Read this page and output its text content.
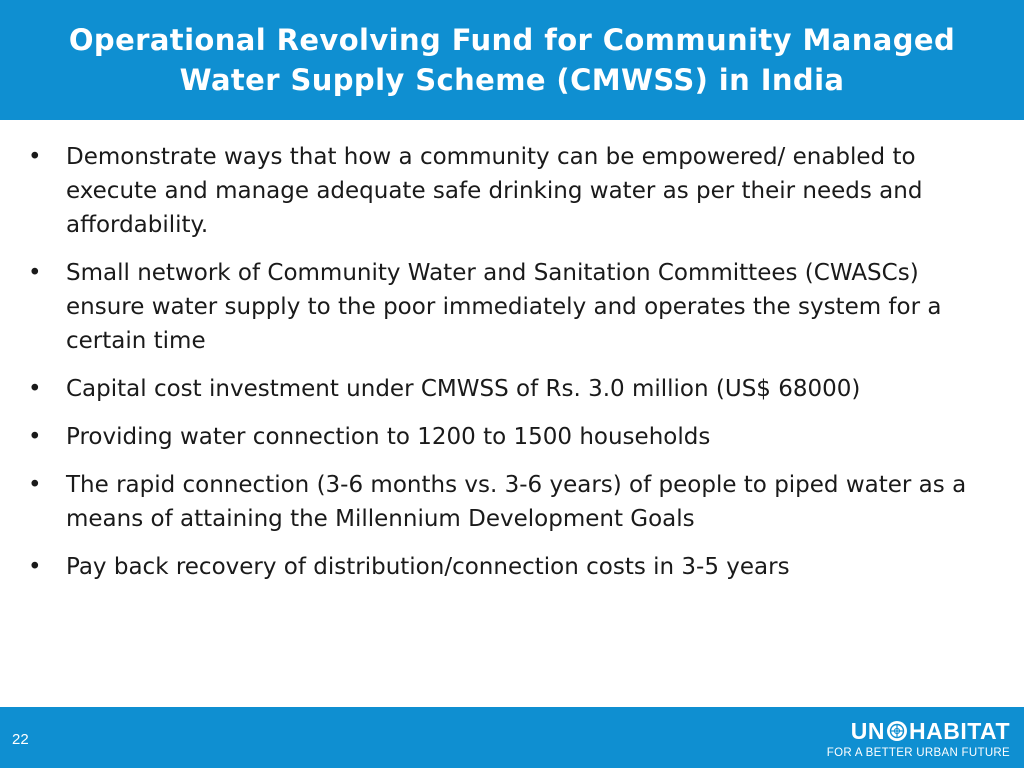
Operational Revolving Fund for Community Managed Water Supply Scheme (CMWSS) in India
• Demonstrate ways that how a community can be empowered/ enabled to execute and manage adequate safe drinking water as per their needs and affordability.
• Small network of Community Water and Sanitation Committees (CWASCs) ensure water supply to the poor immediately and operates the system for a certain time
• Capital cost investment under CMWSS of Rs. 3.0 million (US$ 68000)
• Providing water connection to 1200 to 1500 households
• The rapid connection (3-6 months vs. 3-6 years) of people to piped water as a means of attaining the Millennium Development Goals
• Pay back recovery of distribution/connection costs in 3-5 years
22	UN HABITAT
FOR A BETTER URBAN FUTURE
